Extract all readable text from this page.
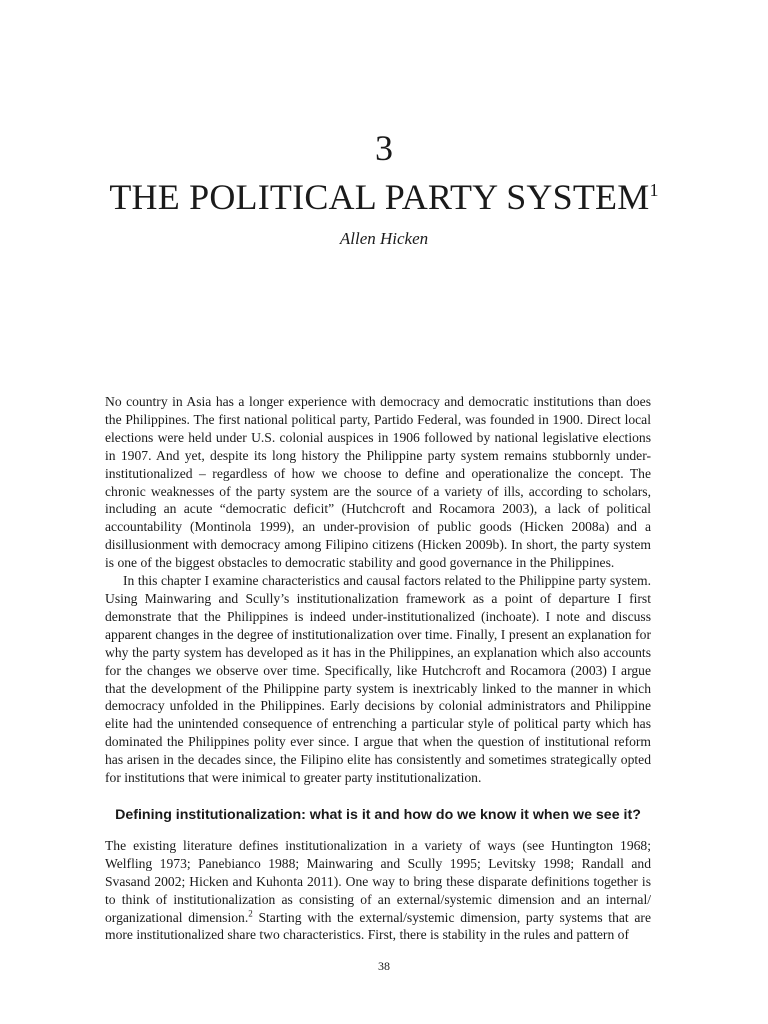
3
THE POLITICAL PARTY SYSTEM$^1$
Allen Hicken

No country in Asia has a longer experience with democracy and democratic institutions than does the Philippines. The first national political party, Partido Federal, was founded in 1900. Direct local elections were held under U.S. colonial auspices in 1906 followed by national legislative elections in 1907. And yet, despite its long history the Philippine party system remains stubbornly under-institutionalized – regardless of how we choose to define and operationalize the concept. The chronic weaknesses of the party system are the source of a variety of ills, according to scholars, including an acute “democratic deficit” (Hutchcroft and Rocamora 2003), a lack of political accountability (Montinola 1999), an under-provision of public goods (Hicken 2008a) and a disillusionment with democracy among Filipino citizens (Hicken 2009b). In short, the party system is one of the biggest obstacles to democratic stability and good governance in the Philippines.

In this chapter I examine characteristics and causal factors related to the Philippine party system. Using Mainwaring and Scully’s institutionalization framework as a point of departure I first demonstrate that the Philippines is indeed under-institutionalized (inchoate). I note and discuss apparent changes in the degree of institutionalization over time. Finally, I present an explanation for why the party system has developed as it has in the Philippines, an explanation which also accounts for the changes we observe over time. Specifically, like Hutchcroft and Rocamora (2003) I argue that the development of the Philippine party system is inextricably linked to the manner in which democracy unfolded in the Philippines. Early decisions by colonial administrators and Philippine elite had the unintended consequence of entrenching a particular style of political party which has dominated the Philippines polity ever since. I argue that when the question of institutional reform has arisen in the decades since, the Filipino elite has consistently and sometimes strategically opted for institutions that were inimical to greater party institutionalization.

Defining institutionalization: what is it and how do we know it when we see it?

The existing literature defines institutionalization in a variety of ways (see Huntington 1968; Welfling 1973; Panebianco 1988; Mainwaring and Scully 1995; Levitsky 1998; Randall and Svasand 2002; Hicken and Kuhonta 2011). One way to bring these disparate definitions together is to think of institutionalization as consisting of an external/systemic dimension and an internal/ organizational dimension.$^2$ Starting with the external/systemic dimension, party systems that are more institutionalized share two characteristics. First, there is stability in the rules and pattern of

38
